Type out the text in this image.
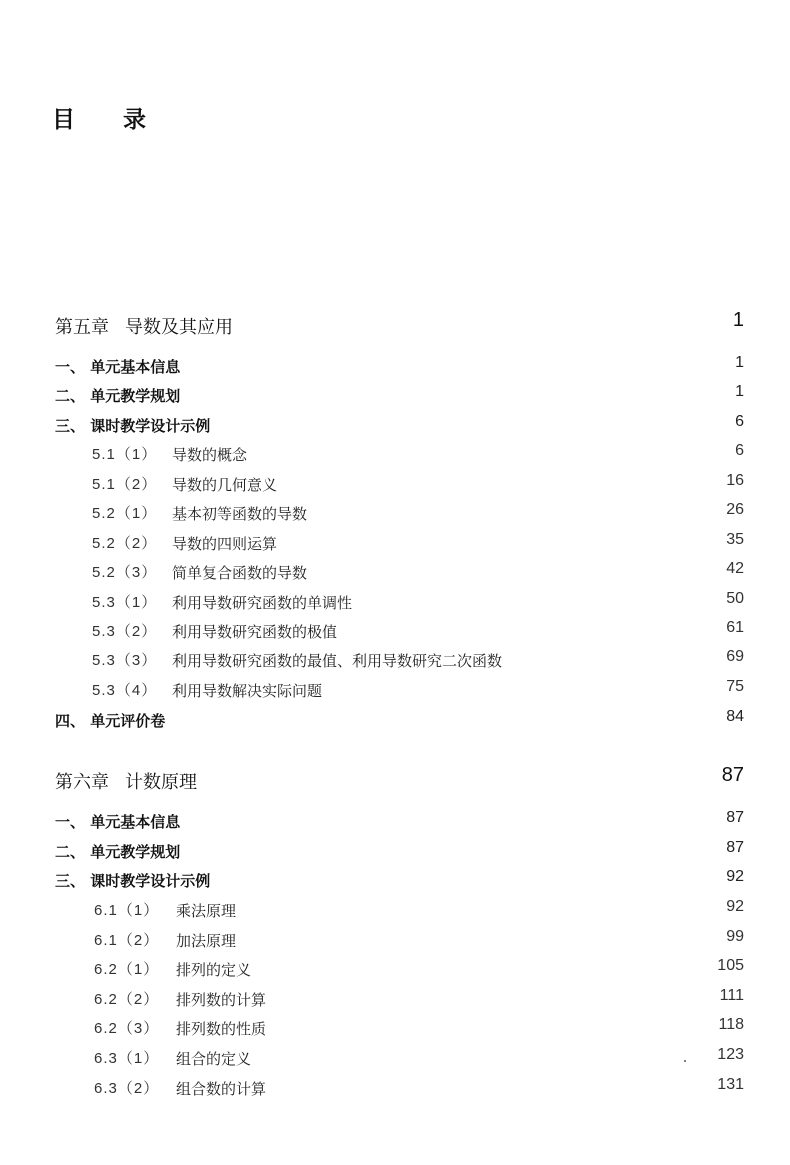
目 录
第五章 导数及其应用	1
一、 单元基本信息	1
二、 单元教学规划	1
三、 课时教学设计示例	6
5.1（1） 导数的概念	6
5.1（2） 导数的几何意义	16
5.2（1） 基本初等函数的导数	26
5.2（2） 导数的四则运算	35
5.2（3） 简单复合函数的导数	42
5.3（1） 利用导数研究函数的单调性	50
5.3（2） 利用导数研究函数的极值	61
5.3（3） 利用导数研究函数的最值、利用导数研究二次函数	69
5.3（4） 利用导数解决实际问题	75
四、 单元评价卷	84
第六章 计数原理	87
一、 单元基本信息	87
二、 单元教学规划	87
三、 课时教学设计示例	92
6.1（1） 乘法原理	92
6.1（2） 加法原理	99
6.2（1） 排列的定义	105
6.2（2） 排列数的计算	111
6.2（3） 排列数的性质	118
6.3（1） 组合的定义	123
6.3（2） 组合数的计算	131
